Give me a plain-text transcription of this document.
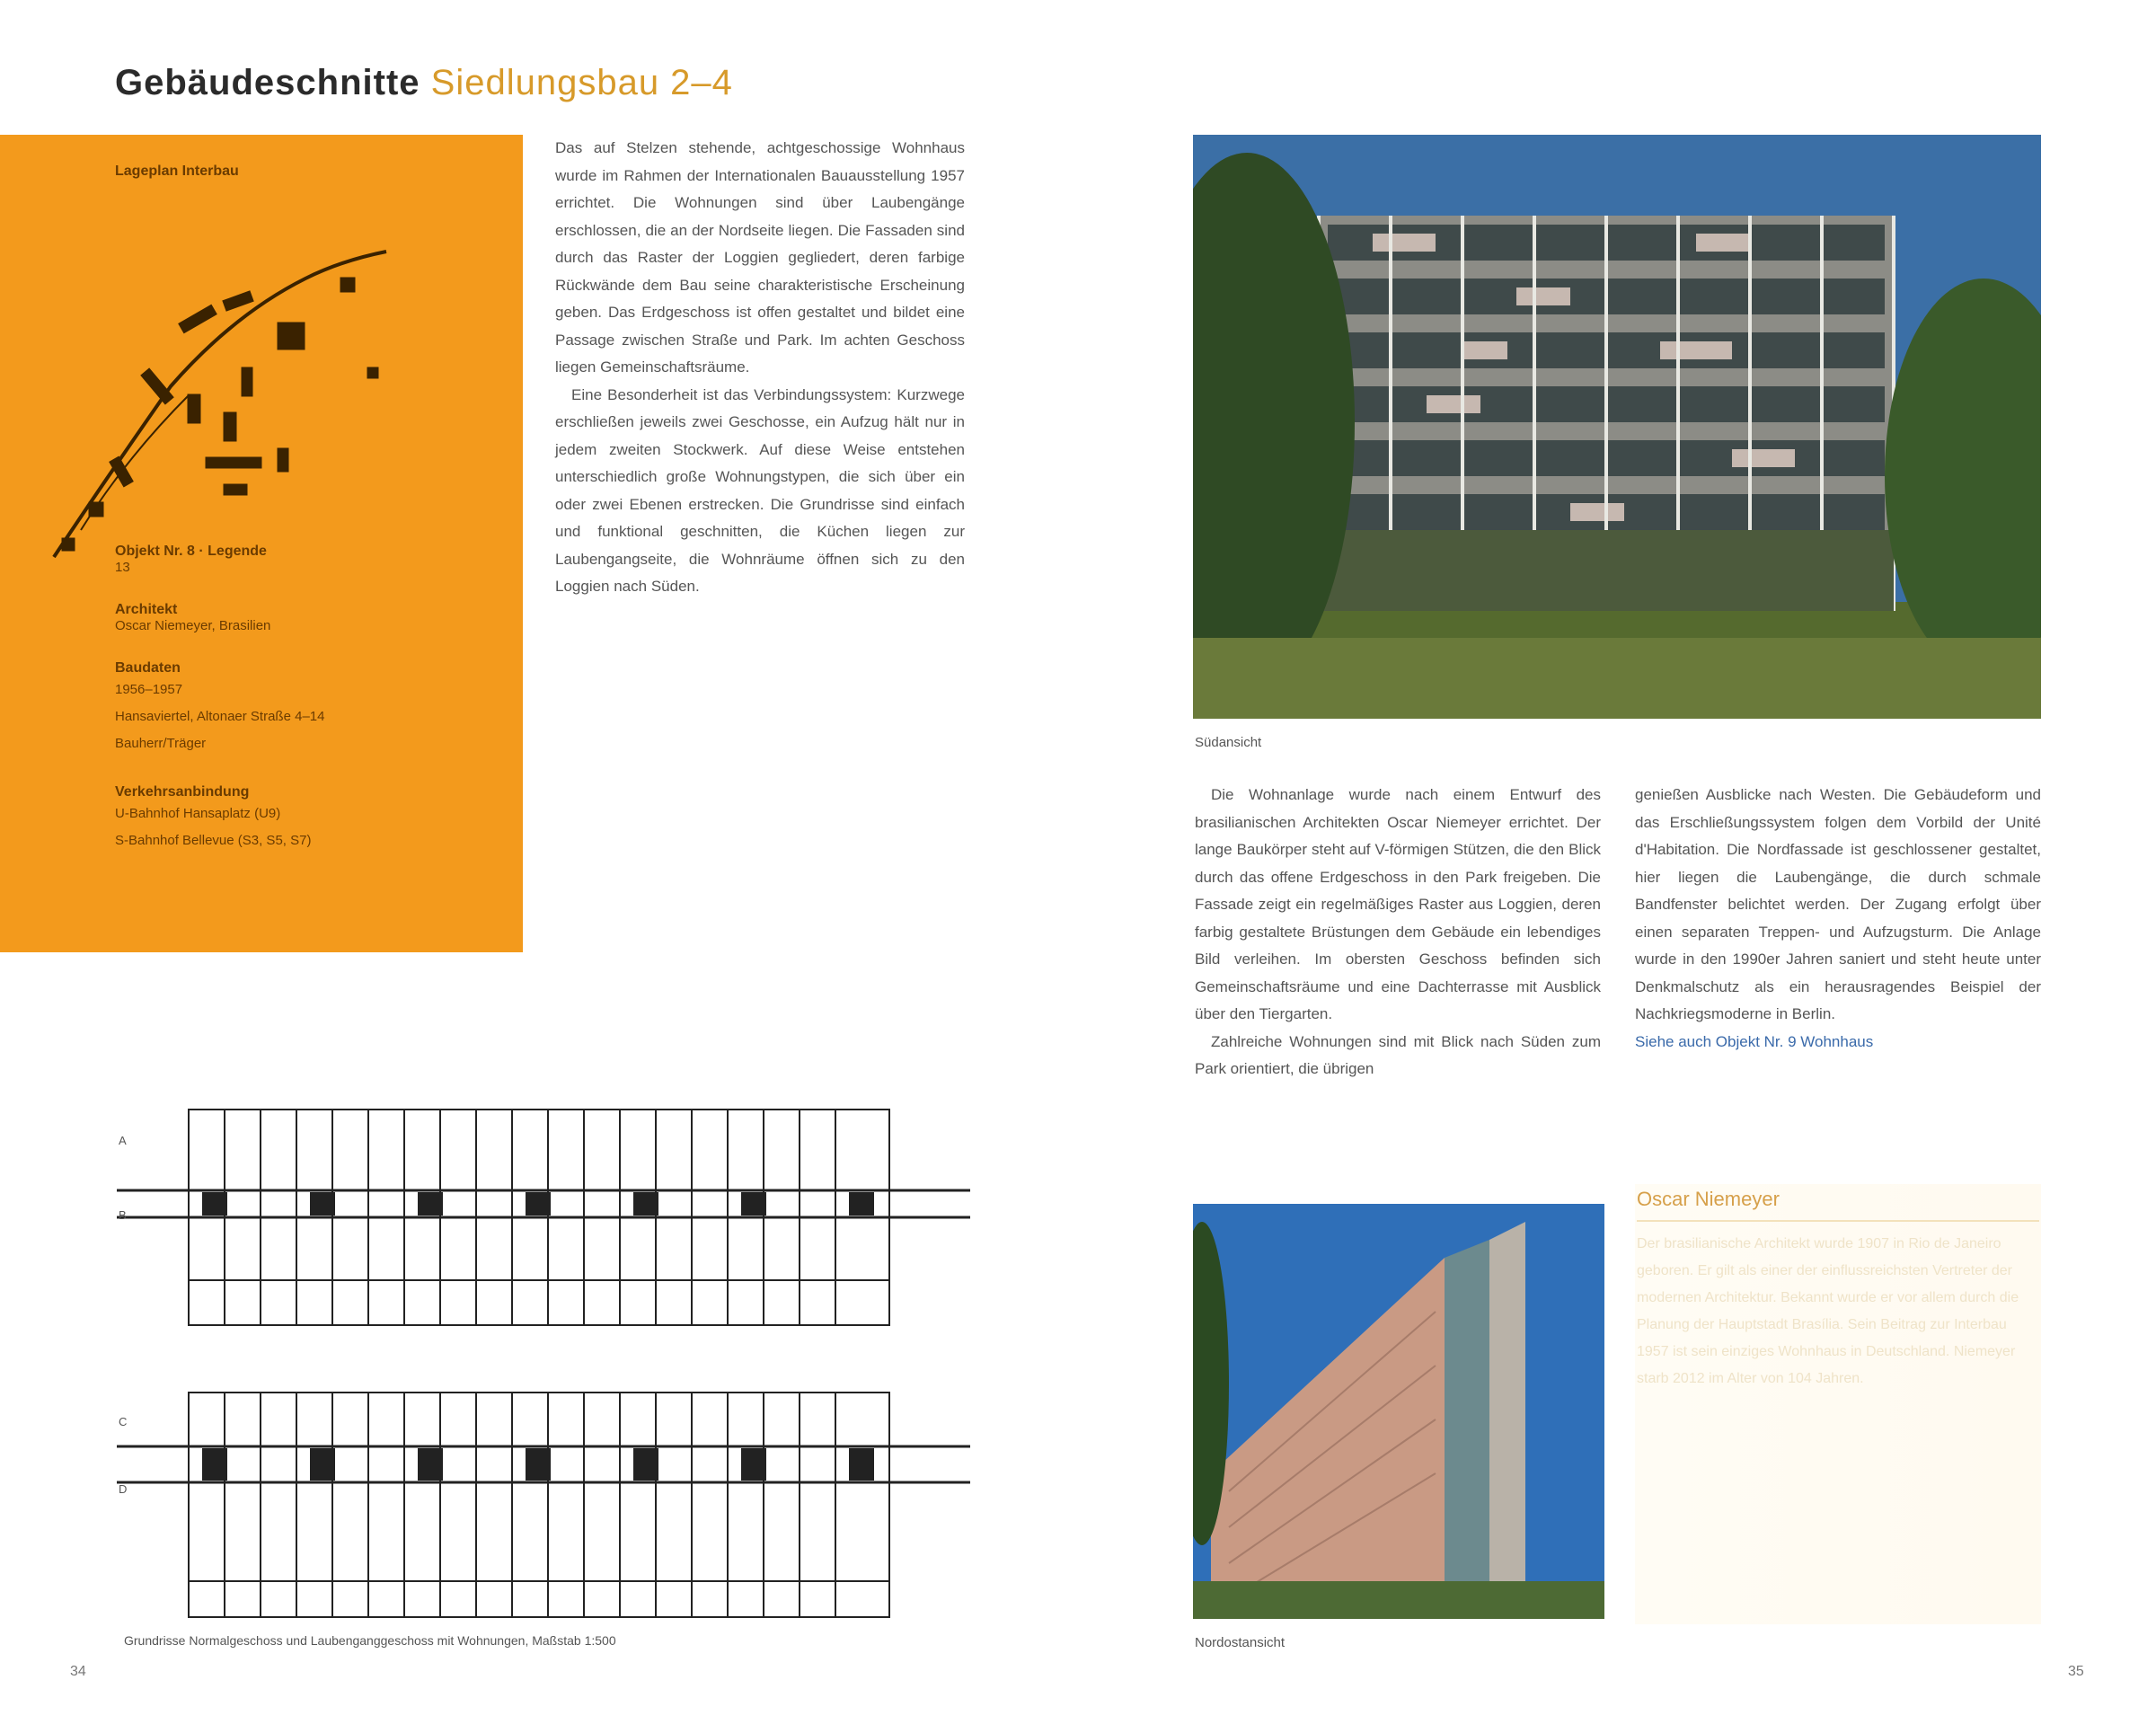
Gebäudeschnitte Siedlungsbau 2–4
Lageplan Interbau
Objekt Nr. 8 · Legende
13
Architekt
Oscar Niemeyer, Brasilien
Baudaten
1956–1957
Hansaviertel, Altonaer Straße 4–14
Bauherr/Träger
Verkehrsanbindung
U-Bahnhof Hansaplatz (U9)
S-Bahnhof Bellevue (S3, S5, S7)

Das auf Stelzen stehende, achtgeschossige Wohnhaus wurde im Rahmen der Internationalen Bauausstellung 1957 errichtet. Die Wohnungen sind über Laubengänge erschlossen, die an der Nordseite liegen. Die Fassaden sind durch das Raster der Loggien gegliedert, deren farbige Rückwände dem Bau seine charakteristische Erscheinung geben. Das Erdgeschoss ist offen gestaltet und bildet eine Passage zwischen Straße und Park. Im achten Geschoss liegen Gemeinschaftsräume.

Eine Besonderheit ist das Verbindungssystem: Kurzwege erschließen jeweils zwei Geschosse, ein Aufzug hält nur in jedem zweiten Stockwerk. Auf diese Weise entstehen unterschiedlich große Wohnungstypen, die sich über ein oder zwei Ebenen erstrecken. Die Grundrisse sind einfach und funktional geschnitten, die Küchen liegen zur Laubengangseite, die Wohnräume öffnen sich zu den Loggien nach Süden.

A
B
C
D
Grundrisse Normalgeschoss und Laubenganggeschoss mit Wohnungen, Maßstab 1:500
34
Südansicht

Die Wohnanlage wurde nach einem Entwurf des brasilianischen Architekten Oscar Niemeyer errichtet. Der lange Baukörper steht auf V-förmigen Stützen, die den Blick durch das offene Erdgeschoss in den Park freigeben. Die Fassade zeigt ein regelmäßiges Raster aus Loggien, deren farbig gestaltete Brüstungen dem Gebäude ein lebendiges Bild verleihen. Im obersten Geschoss befinden sich Gemeinschaftsräume und eine Dachterrasse mit Ausblick über den Tiergarten.

Zahlreiche Wohnungen sind mit Blick nach Süden zum Park orientiert, die übrigen

genießen Ausblicke nach Westen. Die Gebäudeform und das Erschließungssystem folgen dem Vorbild der Unité d'Habitation. Die Nordfassade ist geschlossener gestaltet, hier liegen die Laubengänge, die durch schmale Bandfenster belichtet werden. Der Zugang erfolgt über einen separaten Treppen- und Aufzugsturm. Die Anlage wurde in den 1990er Jahren saniert und steht heute unter Denkmalschutz als ein herausragendes Beispiel der Nachkriegsmoderne in Berlin.

Siehe auch Objekt Nr. 9 Wohnhaus

Nordostansicht
Oscar Niemeyer
Der brasilianische Architekt wurde 1907 in Rio de Janeiro geboren. Er gilt als einer der einflussreichsten Vertreter der modernen Architektur. Bekannt wurde er vor allem durch die Planung der Hauptstadt Brasília. Sein Beitrag zur Interbau 1957 ist sein einziges Wohnhaus in Deutschland. Niemeyer starb 2012 im Alter von 104 Jahren.
35
